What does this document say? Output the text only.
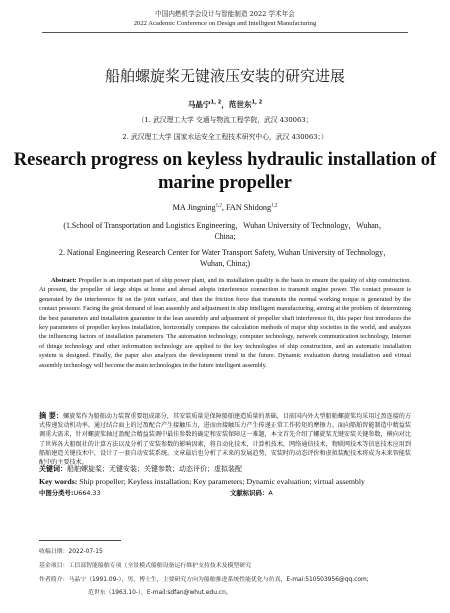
中国内燃机学会设计与智能制造 2022 学术年会
2022 Academic Conference on Design and Intelligent Manufacturing
船舶螺旋桨无键液压安装的研究进展
马晶宁$^{1, 2}$，范世东$^{1, 2}$
（1. 武汉理工大学 交通与物流工程学院，武汉 430063；
2. 武汉理工大学 国家水运安全工程技术研究中心，武汉 430063；）
Research progress on keyless hydraulic installation of
marine propeller
MA Jingning$^{1,2}$, FAN Shidong$^{1,2}$
(1.School of Transportation and Logistics Engineering，Wuhan University of Technology，Wuhan，
China;
2. National Engineering Research Center for Water Transport Safety, Wuhan University of Technology，
Wuhan, China;)

Abstract: Propeller is an important part of ship power plant, and its installation quality is the basis to ensure the quality of ship construction. At present, the propeller of large ships at home and abroad adopts interference connection to transmit engine power. The contact pressure is generated by the interference fit on the joint surface, and then the friction force that transmits the normal working torque is generated by the contact pressure. Facing the great demand of lean assembly and adjustment in ship intelligent manufacturing, aiming at the problem of determining the best parameters and installation guarantee in the lean assembly and adjustment of propeller shaft interference fit, this paper first introduces the key parameters of propeller keyless installation, horizontally compares the calculation methods of major ship societies in the world, and analyzes the influencing factors of installation parameters. The automation technology, computer technology, network communication technology, Internet of things technology and other information technology are applied to the key technologies of ship construction, and an automatic installation system is designed. Finally, the paper also analyzes the development trend in the future. Dynamic evaluation during installation and virtual assembly technology will become the main technologies in the future intelligent assembly.

摘 要：螺旋桨作为船舶动力装置重要组成部分，其安装质量是保障船舶建造质量的基础，目前国内外大型船舶螺旋桨均采用过盈连接的方式传递发动机功率。通过结合面上的过盈配合产生接触压力，进而由接触压力产生传递正常工作转矩的摩擦力。面向船舶智能制造中精益装调重大需求，针对螺旋桨轴过盈配合精益装调中最佳参数的确定和安装保障这一难题，本文首先介绍了螺旋桨无键安装关键参数，横向对比了世界各大船级社的计算方法以及分析了安装参数的影响因素，将自动化技术，计算机技术，网络通信技术，物联网技术等信息技术应用到船舶建造关键技术中，设计了一套自动安装系统。文章最后也分析了未来的发展趋势，安装时的动态评价和虚拟装配技术将成为未来智能装配中的主要技术。

关键词：船舶螺旋桨；无键安装；关键参数；动态评价；虚拟装配
Key words: Ship propeller; Keyless installation; Key parameters; Dynamic evaluation; virtual assembly
中图分类号:U664.33	文献标识码：A
收稿日期：2022-07-15
基金项目：工信部智能船舶专项（全景模式船舶设备运行维护支持技术及模型研究
作者简介：马晶宁（1991.09-），男，博士生，主要研究方向为船舶推进系统性能优化与仿真，E-mai:510503956@qq.com;
范世东（1963.10-），E-mail:sdfan@whut.edu.cn。
